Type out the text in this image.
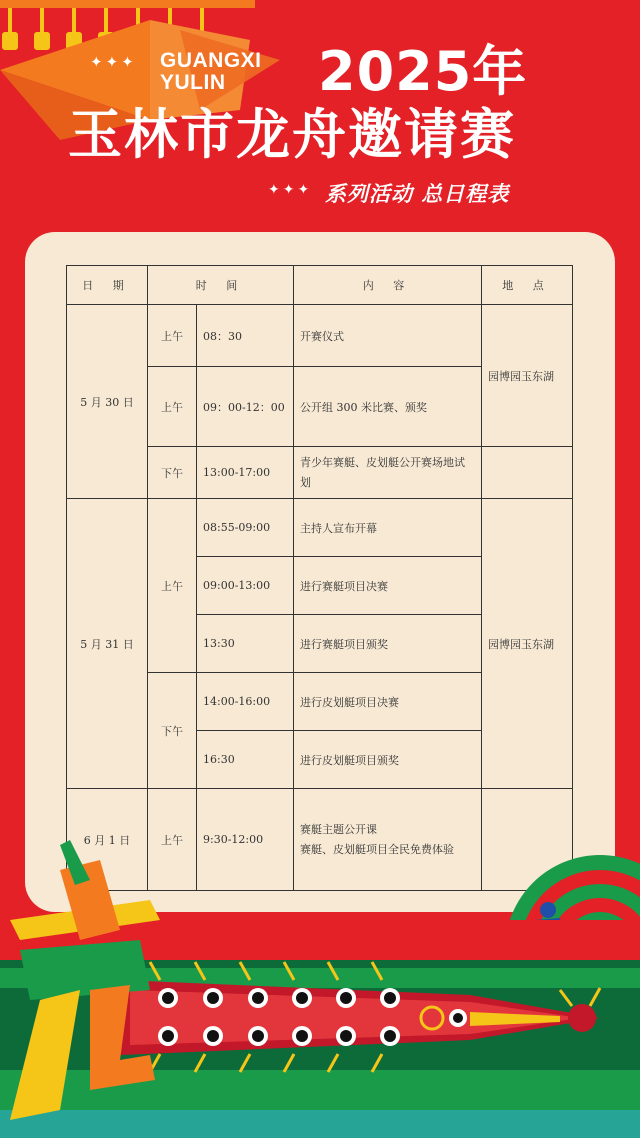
✦✦✦ GUANGXI
YULIN	2025年
玉林市龙舟邀请赛
✦✦✦ 系列活动 总日程表
日 期	时 间		内 容	地 点
5 月 30 日	上午	08：30	开赛仪式	园博园玉东湖
	上午	09：00-12：00	公开组 300 米比赛、颁奖	
	下午	13:00-17:00	青少年赛艇、皮划艇公开赛场地试划	
5 月 31 日	上午	08:55-09:00	主持人宣布开幕	园博园玉东湖
		09:00-13:00	进行赛艇项目决赛	
		13:30	进行赛艇项目颁奖	
	下午	14:00-16:00	进行皮划艇项目决赛	
		16:30	进行皮划艇项目颁奖	
6 月 1 日	上午	9:30-12:00	赛艇主题公开课
赛艇、皮划艇项目全民免费体验	
